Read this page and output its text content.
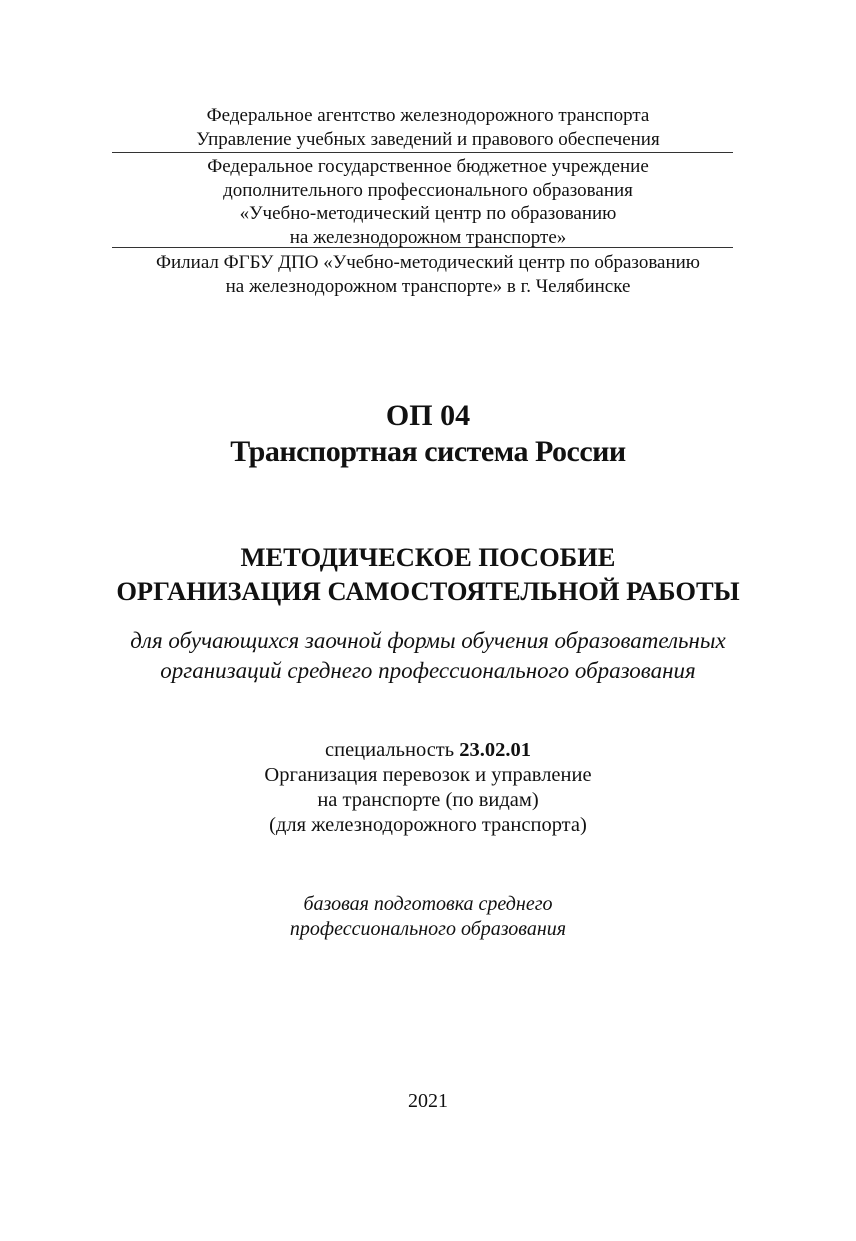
Федеральное агентство железнодорожного транспорта
Управление учебных заведений и правового обеспечения
Федеральное государственное бюджетное учреждение
дополнительного профессионального образования
«Учебно-методический центр по образованию
на железнодорожном транспорте»
Филиал ФГБУ ДПО «Учебно-методический центр по образованию
на железнодорожном транспорте» в г. Челябинске
ОП 04
Транспортная система России
МЕТОДИЧЕСКОЕ ПОСОБИЕ
ОРГАНИЗАЦИЯ САМОСТОЯТЕЛЬНОЙ РАБОТЫ
для обучающихся заочной формы обучения образовательных
организаций среднего профессионального образования
специальность 23.02.01
Организация перевозок и управление
на транспорте (по видам)
(для железнодорожного транспорта)
базовая подготовка среднего
профессионального образования
2021
